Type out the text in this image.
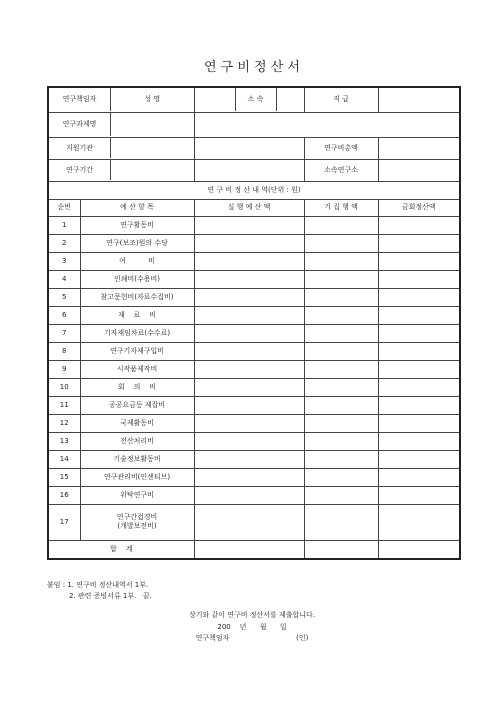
연 구 비 정 산 서
연구책임자 성 명		소 속	직 급	

연구과제명				

지원기관			연구비총액	

연구기간			소속연구소	
연 구 비 정 산 내 역(단위 : 원)				
순번	예 산 항 목	실 행 예 산 액	기 집 행 액	금회정산액
1	연구활동비			
2	연구(보조)원의 수당			
3	여          비			
4	인쇄비(수용비)			
5	참고문헌비(자료수집비)			
6	재    료    비			
7	기자재임차료(수수료)			
8	연구기자재구입비			
9	시작품제작비			
10	회    의    비			
11	공공요금등 제잡비			
12	국제활동비			
13	전산처리비			
14	기술정보활동비			
15	연구관리비(인센티브)			
16	위탁연구비			
17	연구간접경비
(개발보전비)			

합    계				
붙임 : 1. 연구비 정산내역서 1부.
2. 관련 증빙서류 1부.   끝.
상기와 같이 연구비 정산서를 제출합니다.
200    년      월      일
연구책임자                              (인)
